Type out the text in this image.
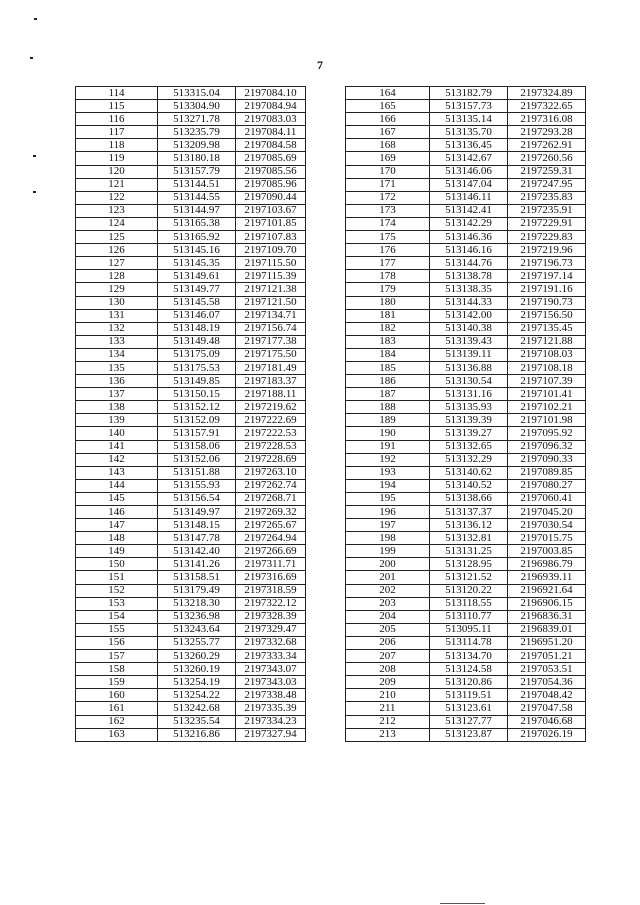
7
114	513315.04	2197084.10
115	513304.90	2197084.94
116	513271.78	2197083.03
117	513235.79	2197084.11
118	513209.98	2197084.58
119	513180.18	2197085.69
120	513157.79	2197085.56
121	513144.51	2197085.96
122	513144.55	2197090.44
123	513144.97	2197103.67
124	513165.38	2197101.85
125	513165.92	2197107.83
126	513145.16	2197109.70
127	513145.35	2197115.50
128	513149.61	2197115.39
129	513149.77	2197121.38
130	513145.58	2197121.50
131	513146.07	2197134.71
132	513148.19	2197156.74
133	513149.48	2197177.38
134	513175.09	2197175.50
135	513175.53	2197181.49
136	513149.85	2197183.37
137	513150.15	2197188.11
138	513152.12	2197219.62
139	513152.09	2197222.69
140	513157.91	2197222.53
141	513158.06	2197228.53
142	513152.06	2197228.69
143	513151.88	2197263.10
144	513155.93	2197262.74
145	513156.54	2197268.71
146	513149.97	2197269.32
147	513148.15	2197265.67
148	513147.78	2197264.94
149	513142.40	2197266.69
150	513141.26	2197311.71
151	513158.51	2197316.69
152	513179.49	2197318.59
153	513218.30	2197322.12
154	513236.98	2197328.39
155	513243.64	2197329.47
156	513255.77	2197332.68
157	513260.29	2197333.34
158	513260.19	2197343.07
159	513254.19	2197343.03
160	513254.22	2197338.48
161	513242.68	2197335.39
162	513235.54	2197334.23
163	513216.86	2197327.94
164	513182.79	2197324.89
165	513157.73	2197322.65
166	513135.14	2197316.08
167	513135.70	2197293.28
168	513136.45	2197262.91
169	513142.67	2197260.56
170	513146.06	2197259.31
171	513147.04	2197247.95
172	513146.11	2197235.83
173	513142.41	2197235.91
174	513142.29	2197229.91
175	513146.36	2197229.83
176	513146.16	2197219.96
177	513144.76	2197196.73
178	513138.78	2197197.14
179	513138.35	2197191.16
180	513144.33	2197190.73
181	513142.00	2197156.50
182	513140.38	2197135.45
183	513139.43	2197121.88
184	513139.11	2197108.03
185	513136.88	2197108.18
186	513130.54	2197107.39
187	513131.16	2197101.41
188	513135.93	2197102.21
189	513139.39	2197101.98
190	513139.27	2197095.92
191	513132.65	2197096.32
192	513132.29	2197090.33
193	513140.62	2197089.85
194	513140.52	2197080.27
195	513138.66	2197060.41
196	513137.37	2197045.20
197	513136.12	2197030.54
198	513132.81	2197015.75
199	513131.25	2197003.85
200	513128.95	2196986.79
201	513121.52	2196939.11
202	513120.22	2196921.64
203	513118.55	2196906.15
204	513110.77	2196836.31
205	513095.11	2196839.01
206	513114.78	2196951.20
207	513134.70	2197051.21
208	513124.58	2197053.51
209	513120.86	2197054.36
210	513119.51	2197048.42
211	513123.61	2197047.58
212	513127.77	2197046.68
213	513123.87	2197026.19
